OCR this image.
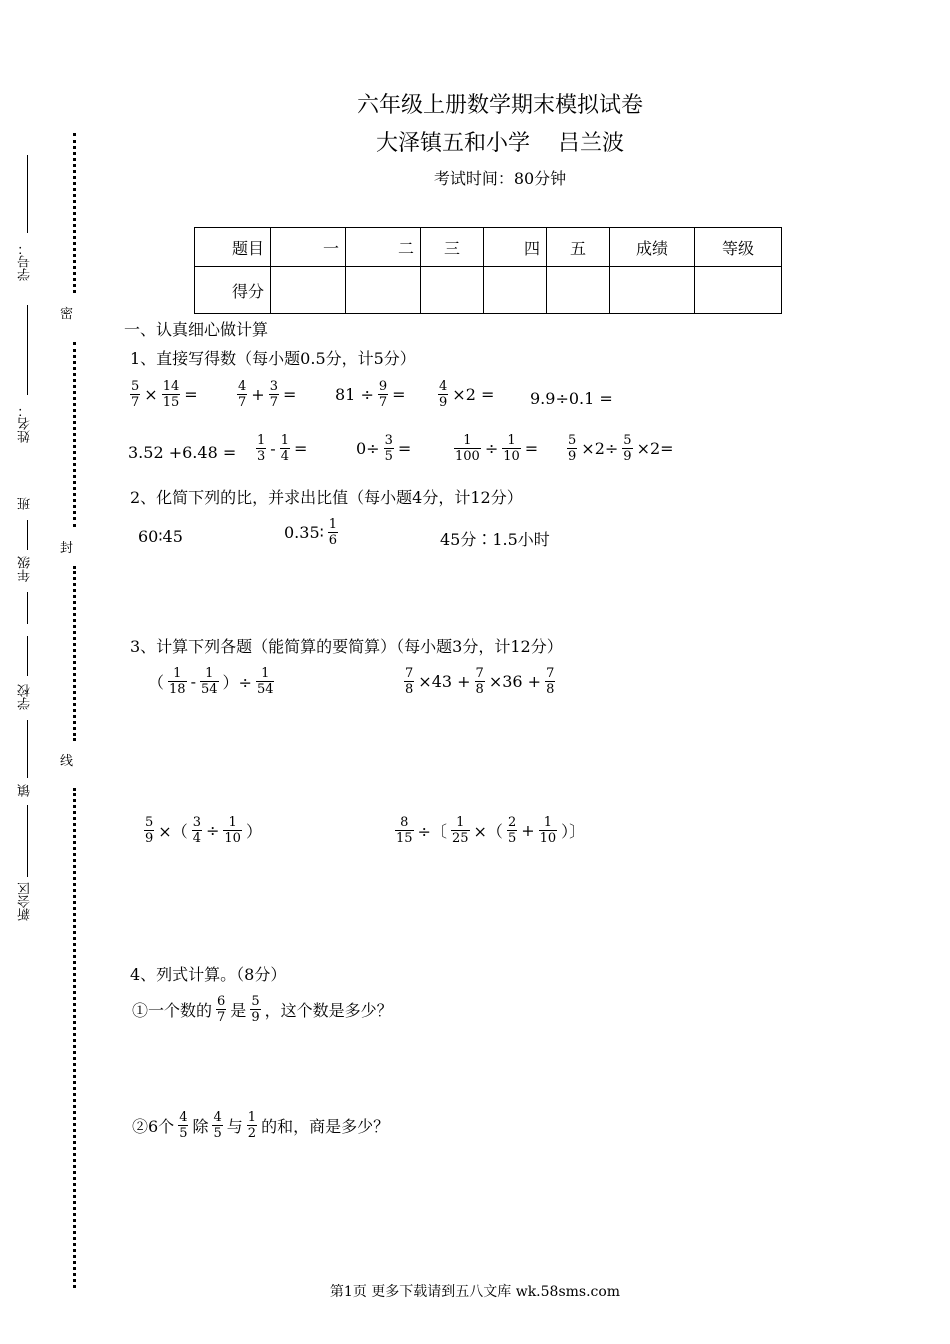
六年级上册数学期末模拟试卷
大泽镇五和小学 吕兰波
考试时间：80分钟
题目	一	二	三	四	五	成绩	等级
得分							
学号：
姓名：
班
年级
学校
镇
新会区
密
封
线
一、认真细心做计算
1、直接写得数（每小题0.5分，计5分）
$\frac{5}{7} \times \frac{14}{15}$ =	$\frac{4}{7} + \frac{3}{7} = 81 \div \frac{9}{7} = \frac{4}{9} \times 2 = 9.9\div 0.1$ =
$3.52 +6.48 = \frac{1}{3} - \frac{1}{4}$ =	$0\div \frac{3}{5}$ =	$\frac{1}{100} \div \frac{1}{10} = \frac{5}{9} \times 2\div \frac{5}{9} \times 2=$
2、化简下列的比，并求出比值（每小题4分，计12分）
60∶45	0.35∶ $\frac{1}{6}$	45分∶1.5小时
3、计算下列各题（能简算的要简算）（每小题3分，计12分）
（ $\frac{1}{18} - \frac{1}{54}$ ）÷ $\frac{1}{54}$	$\frac{7}{8} \times 43 + \frac{7}{8} \times 36 + \frac{7}{8}$
$\frac{5}{9}$ ×（ $\frac{3}{4} \div \frac{1}{10}$ ）	$\frac{8}{15}$ ÷〔 $\frac{1}{25}$ ×（ $\frac{2}{5} + \frac{1}{10}$ ）〕
4、列式计算。（8分）
①一个数的 $\frac{6}{7}$ 是 $\frac{5}{9}$ ，这个数是多少？
②6个 $\frac{4}{5}$ 除 $\frac{4}{5}$ 与 $\frac{1}{2}$ 的和，商是多少？
第1页 更多下载请到五八文库 wk.58sms.com
